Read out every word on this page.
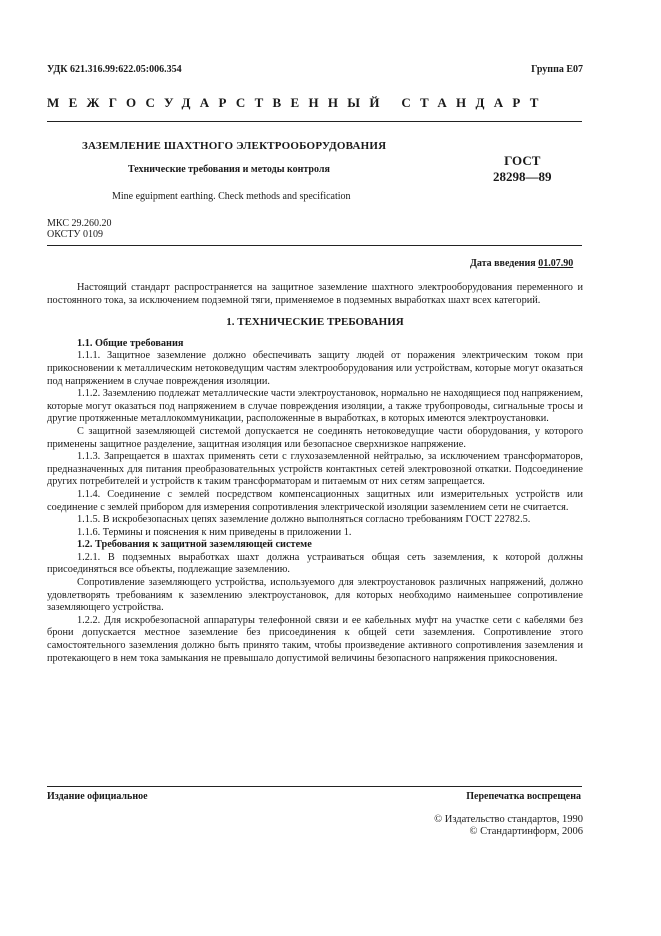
УДК 621.316.99:622.05:006.354	Группа Е07
МЕЖГОСУДАРСТВЕННЫЙ СТАНДАРТ
ЗАЗЕМЛЕНИЕ ШАХТНОГО ЭЛЕКТРООБОРУДОВАНИЯ
Технические требования и методы контроля
Mine eguipment earthing. Check methods and specification
ГОСТ
28298—89
МКС 29.260.20
ОКСТУ 0109
Дата введения 01.07.90

Настоящий стандарт распространяется на защитное заземление шахтного электрооборудования переменного и постоянного тока, за исключением подземной тяги, применяемое в подземных выработках шахт всех категорий.

1. ТЕХНИЧЕСКИЕ ТРЕБОВАНИЯ
1.1. Общие требования

1.1.1. Защитное заземление должно обеспечивать защиту людей от поражения электрическим током при прикосновении к металлическим нетоковедущим частям электрооборудования или устройствам, которые могут оказаться под напряжением в случае повреждения изоляции.

1.1.2. Заземлению подлежат металлические части электроустановок, нормально не находящиеся под напряжением, которые могут оказаться под напряжением в случае повреждения изоляции, а также трубопроводы, сигнальные тросы и другие протяженные металлокоммуникации, расположенные в выработках, в которых имеются электроустановки.

С защитной заземляющей системой допускается не соединять нетоковедущие части оборудования, у которого применены защитное разделение, защитная изоляция или безопасное сверхнизкое напряжение.

1.1.3. Запрещается в шахтах применять сети с глухозаземленной нейтралью, за исключением трансформаторов, предназначенных для питания преобразовательных устройств контактных сетей электровозной откатки. Подсоединение других потребителей и устройств к таким трансформаторам и питаемым от них сетям запрещается.

1.1.4. Соединение с землей посредством компенсационных защитных или измерительных устройств или соединение с землей прибором для измерения сопротивления электрической изоляции заземлением сети не считается.

1.1.5. В искробезопасных цепях заземление должно выполняться согласно требованиям ГОСТ 22782.5.

1.1.6. Термины и пояснения к ним приведены в приложении 1.

1.2. Требования к защитной заземляющей системе

1.2.1. В подземных выработках шахт должна устраиваться общая сеть заземления, к которой должны присоединяться все объекты, подлежащие заземлению.

Сопротивление заземляющего устройства, используемого для электроустановок различных напряжений, должно удовлетворять требованиям к заземлению электроустановок, для которых необходимо наименьшее сопротивление заземляющего устройства.

1.2.2. Для искробезопасной аппаратуры телефонной связи и ее кабельных муфт на участке сети с кабелями без брони допускается местное заземление без присоединения к общей сети заземления. Сопротивление этого самостоятельного заземления должно быть принято таким, чтобы произведение активного сопротивления заземления и протекающего в нем тока замыкания не превышало допустимой величины безопасного напряжения прикосновения.

Издание официальное	Перепечатка воспрещена
© Издательство стандартов, 1990
© Стандартинформ, 2006
